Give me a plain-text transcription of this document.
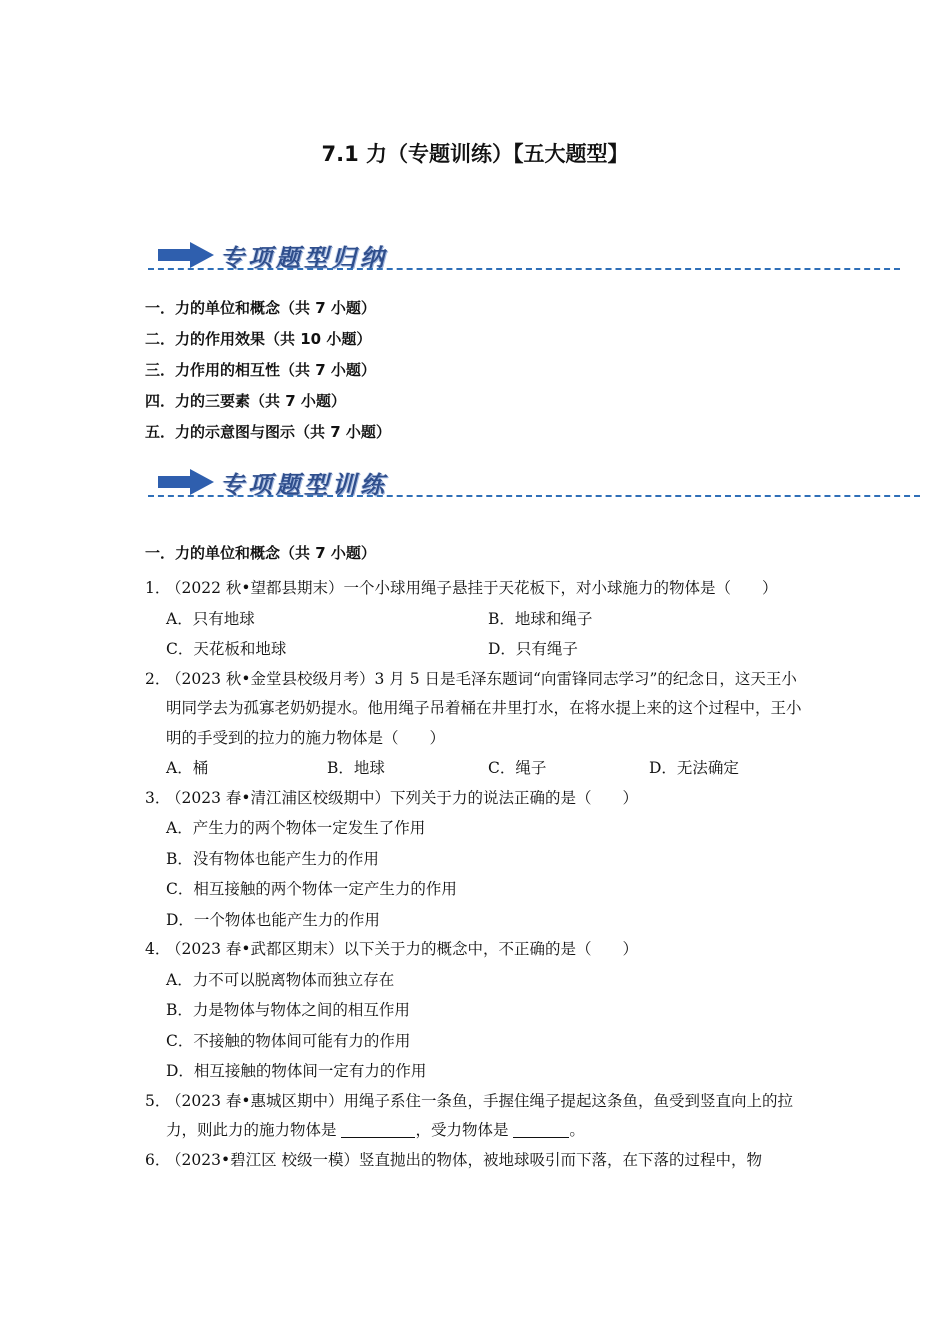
7.1 力（专题训练）【五大题型】
专项题型归纳
一．力的单位和概念（共 7 小题）
二．力的作用效果（共 10 小题）
三．力作用的相互性（共 7 小题）
四．力的三要素（共 7 小题）
五．力的示意图与图示（共 7 小题）
专项题型训练
一．力的单位和概念（共 7 小题）
1．
（2022 秋•望都县期末）一个小球用绳子悬挂于天花板下，对小球施力的物体是（　　）
A．只有地球	B．地球和绳子
C．天花板和地球	D．只有绳子
2．
（2023 秋•金堂县校级月考）3 月 5 日是毛泽东题词“向雷锋同志学习”的纪念日，这天王小明同学去为孤寡老奶奶提水。他用绳子吊着桶在井里打水，在将水提上来的这个过程中，王小明的手受到的拉力的施力物体是（　　）
A．桶	B．地球	C．绳子	D．无法确定
3．
（2023 春•清江浦区校级期中）下列关于力的说法正确的是（　　）
A．产生力的两个物体一定发生了作用
B．没有物体也能产生力的作用
C．相互接触的两个物体一定产生力的作用
D．一个物体也能产生力的作用
4．
（2023 春•武都区期末）以下关于力的概念中，不正确的是（　　）
A．力不可以脱离物体而独立存在
B．力是物体与物体之间的相互作用
C．不接触的物体间可能有力的作用
D．相互接触的物体间一定有力的作用
5．
（2023 春•惠城区期中）用绳子系住一条鱼，手握住绳子提起这条鱼，鱼受到竖直向上的拉力，则此力的施力物体是	，受力物体是	。
6．
（2023•碧江区 校级一模）竖直抛出的物体，被地球吸引而下落，在下落的过程中，物
